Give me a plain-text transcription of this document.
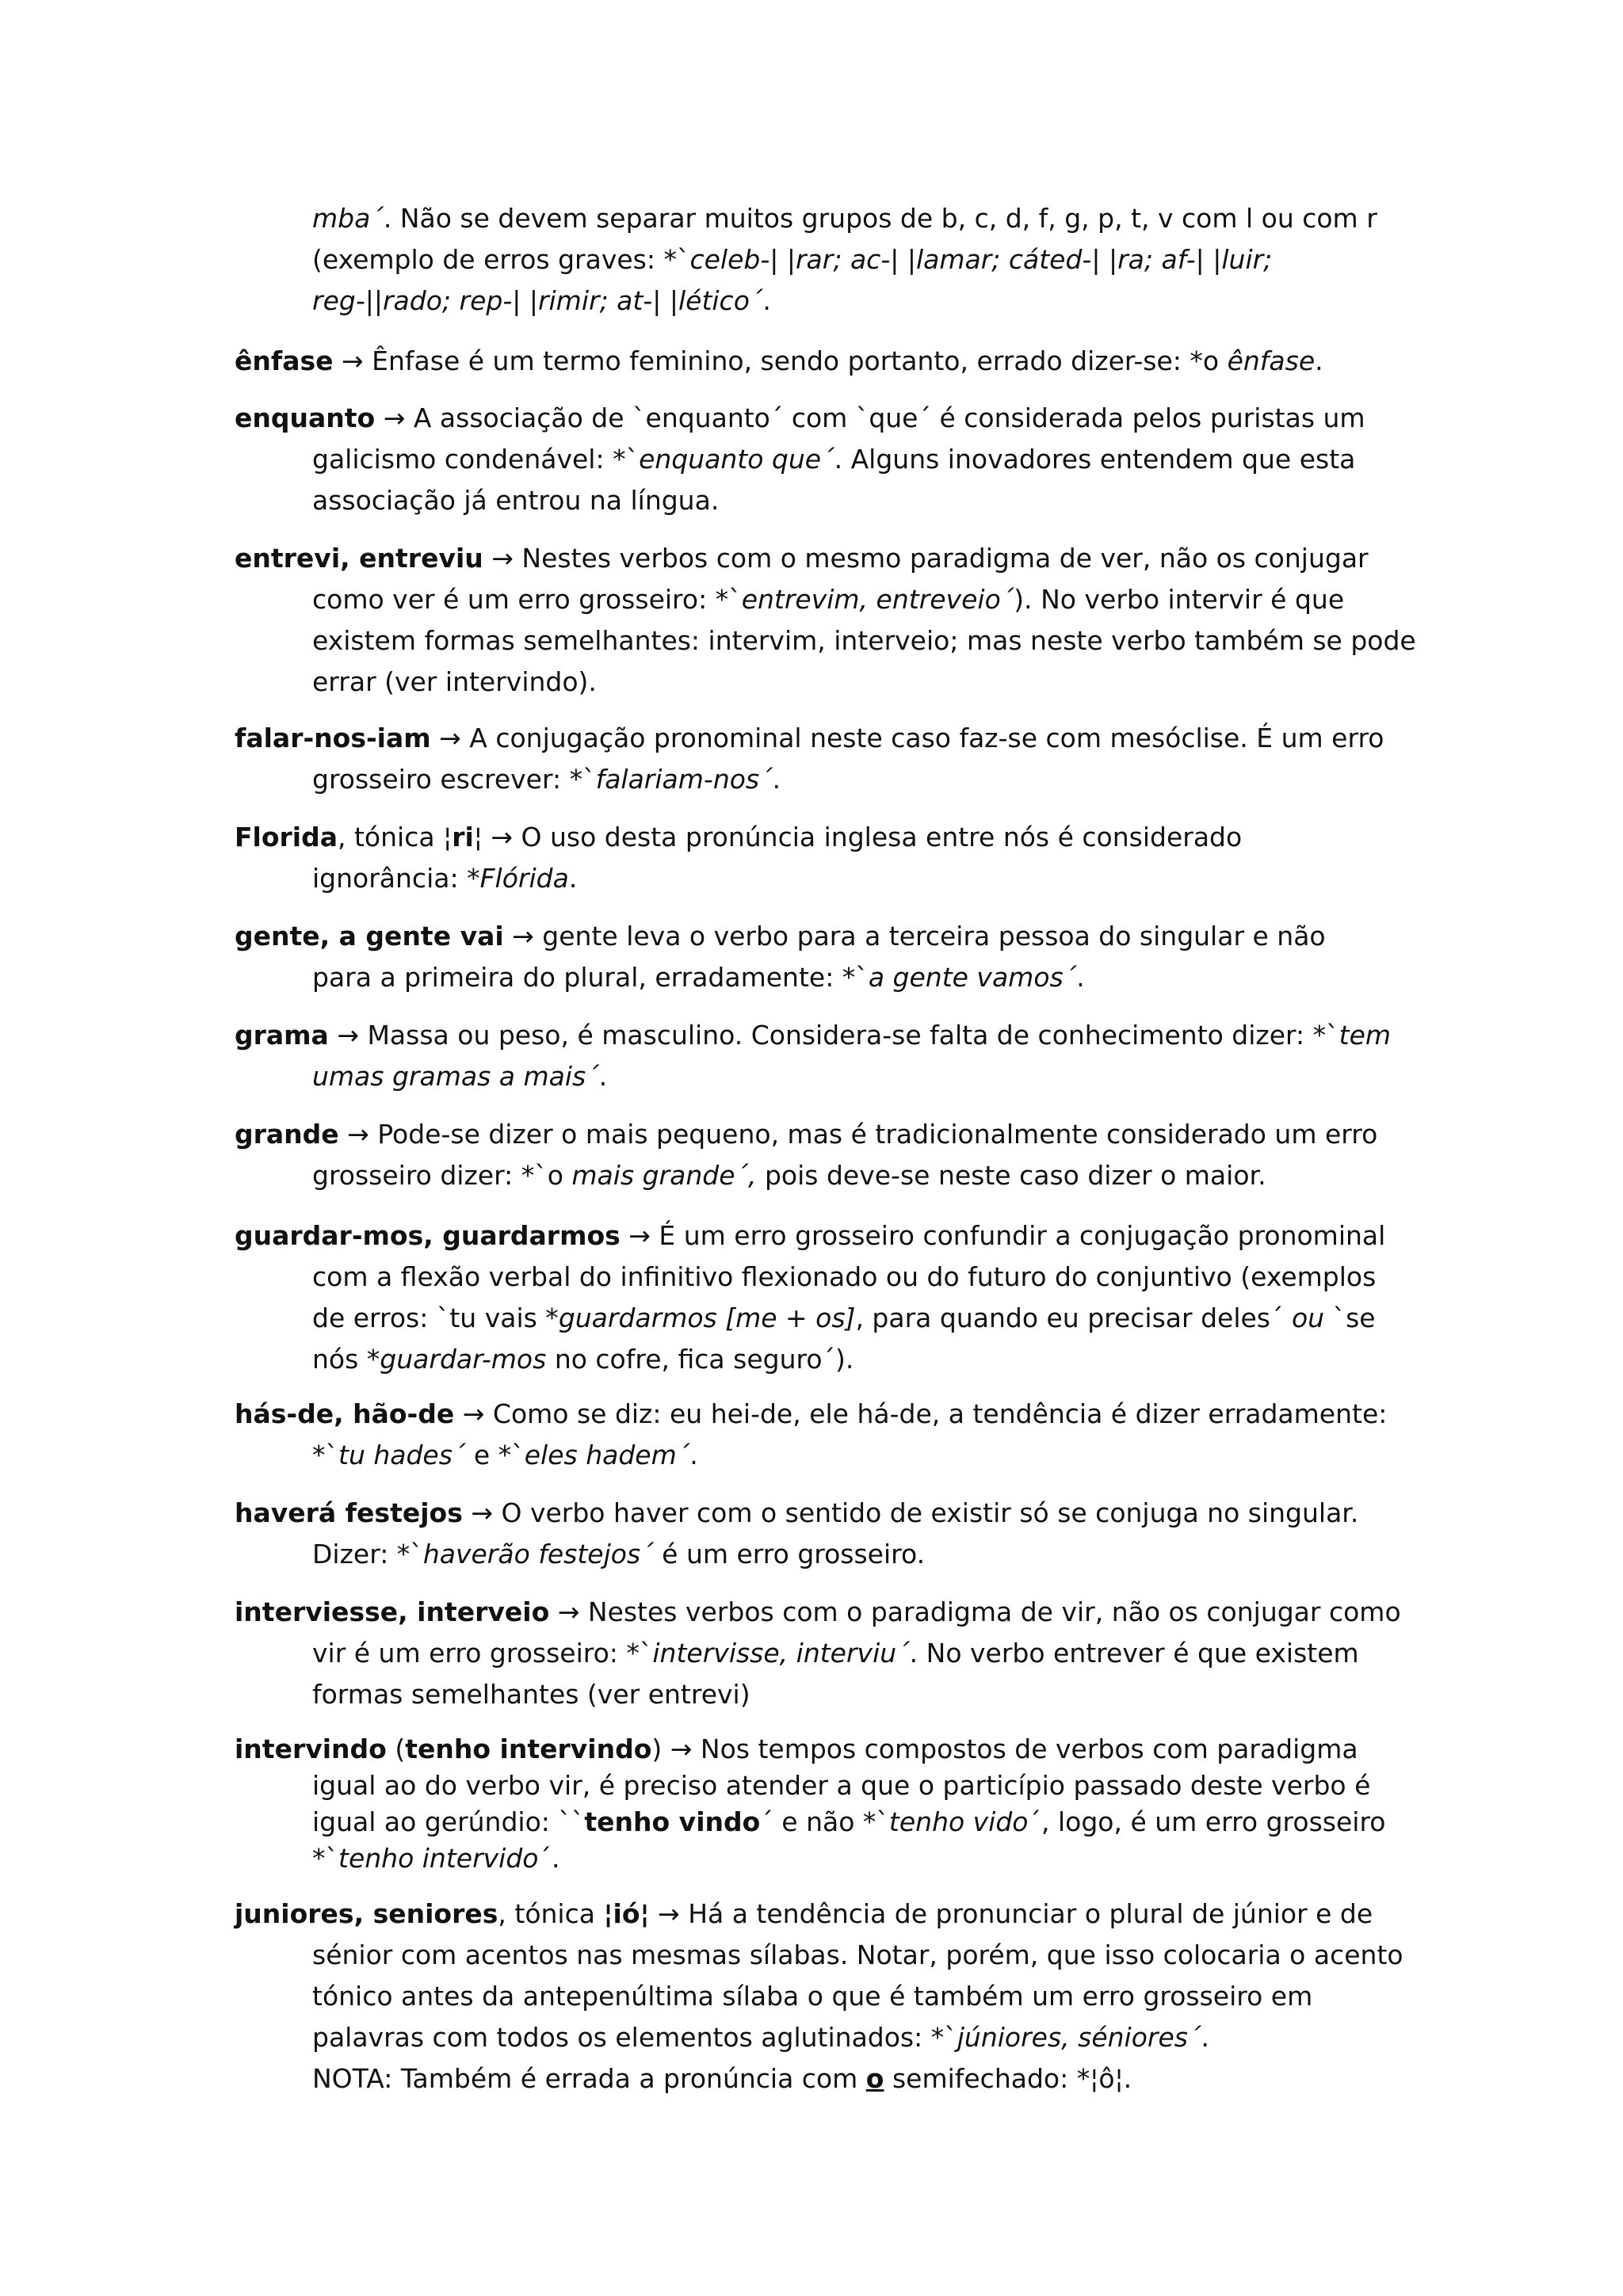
mba´. Não se devem separar muitos grupos de b, c, d, f, g, p, t, v com l ou com r
(exemplo de erros graves: *`celeb-| |rar; ac-| |lamar; cáted-| |ra; af-| |luir;
reg-||rado; rep-| |rimir; at-| |lético´.
ênfase → Ênfase é um termo feminino, sendo portanto, errado dizer-se: *o ênfase.
enquanto → A associação de `enquanto´ com `que´ é considerada pelos puristas um
galicismo condenável: *`enquanto que´. Alguns inovadores entendem que esta
associação já entrou na língua.
entrevi, entreviu → Nestes verbos com o mesmo paradigma de ver, não os conjugar
como ver é um erro grosseiro: *`entrevim, entreveio´). No verbo intervir é que
existem formas semelhantes: intervim, interveio; mas neste verbo também se pode
errar (ver intervindo).
falar-nos-iam → A conjugação pronominal neste caso faz-se com mesóclise. É um erro
grosseiro escrever: *`falariam-nos´.
Florida, tónica ¦ri¦ → O uso desta pronúncia inglesa entre nós é considerado
ignorância: *Flórida.
gente, a gente vai → gente leva o verbo para a terceira pessoa do singular e não
para a primeira do plural, erradamente: *`a gente vamos´.
grama → Massa ou peso, é masculino. Considera-se falta de conhecimento dizer: *`tem
umas gramas a mais´.
grande → Pode-se dizer o mais pequeno, mas é tradicionalmente considerado um erro
grosseiro dizer: *`o mais grande´, pois deve-se neste caso dizer o maior.
guardar-mos, guardarmos → É um erro grosseiro confundir a conjugação pronominal
com a flexão verbal do infinitivo flexionado ou do futuro do conjuntivo (exemplos
de erros: `tu vais *guardarmos [me + os], para quando eu precisar deles´ ou `se
nós *guardar-mos no cofre, fica seguro´).
hás-de, hão-de → Como se diz: eu hei-de, ele há-de, a tendência é dizer erradamente:
*`tu hades´ e *`eles hadem´.
haverá festejos → O verbo haver com o sentido de existir só se conjuga no singular.
Dizer: *`haverão festejos´ é um erro grosseiro.
interviesse, interveio → Nestes verbos com o paradigma de vir, não os conjugar como
vir é um erro grosseiro: *`intervisse, interviu´. No verbo entrever é que existem
formas semelhantes (ver entrevi)
intervindo (tenho intervindo) → Nos tempos compostos de verbos com paradigma
igual ao do verbo vir, é preciso atender a que o particípio passado deste verbo é
igual ao gerúndio: ``tenho vindo´ e não *`tenho vido´, logo, é um erro grosseiro
*`tenho intervido´.
juniores, seniores, tónica ¦ió¦ → Há a tendência de pronunciar o plural de júnior e de
sénior com acentos nas mesmas sílabas. Notar, porém, que isso colocaria o acento
tónico antes da antepenúltima sílaba o que é também um erro grosseiro em
palavras com todos os elementos aglutinados: *`júniores, séniores´.
NOTA: Também é errada a pronúncia com o semifechado: *¦ô¦.
